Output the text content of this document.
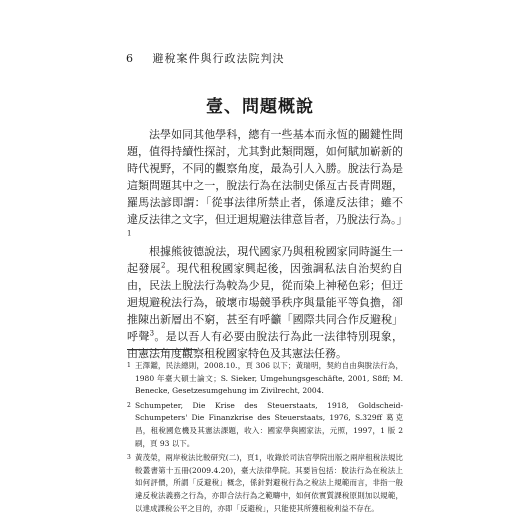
6 避稅案件與行政法院判決
壹、問題概說

法學如同其他學科，總有一些基本而永恆的關鍵性問題，值得持續性探討，尤其對此類問題，如何賦加嶄新的時代視野，不同的觀察角度，最為引人入勝。脫法行為是這類問題其中之一，脫法行為在法制史係亙古長青問題，羅馬法諺即謂：「從事法律所禁止者，係違反法律；雖不違反法律之文字，但迂迴規避法律意旨者，乃脫法行為。」$^1$

根據熊彼德說法，現代國家乃與租稅國家同時誕生一起發展$^2$。現代租稅國家興起後，因強調私法自治契約自由，民法上脫法行為較為少見，從而染上神秘色彩；但迂迴規避稅法行為，破壞市場競爭秩序與量能平等負擔，卻推陳出新層出不窮，甚至有呼籲「國際共同合作反避稅」呼聲$^3$。是以吾人有必要由脫法行為此一法律特別現象，由憲法角度觀察租稅國家特色及其憲法任務。

1 王澤鑑，民法總則，2008.10.，頁 306 以下；黃瑞明，契約自由與脫法行為，1980 年臺大碩士論文；S. Sieker, Umgehungsgeschäfte, 2001, S8ff; M. Benecke, Gesetzesumgehung im Zivilrecht, 2004.
2 Schumpeter, Die Krise des Steuerstaats, 1918, Goldscheid-Schumpeters' Die Finanzkrise des Steuerstaats, 1976, S.329ff 葛克昌，租稅國危機及其憲法課題，收入：國家學與國家法，元照，1997，1 版 2 刷，頁 93 以下。
3 黃茂榮，兩岸稅法比較研究(二)，頁1，收錄於司法官學院出版之兩岸租稅法規比較叢書第十五冊(2009.4.20)，臺大法律學院。其要旨包括：脫法行為在稅法上如何評價，所謂「反避稅」概念，係針對避稅行為之稅法上規範而言，非指一般違反稅法義務之行為，亦即合法行為之範疇中，如何依實質課稅原則加以規範，以達成課稅公平之目的，亦即「反避稅」，只能使其所獲租稅利益不存在。
